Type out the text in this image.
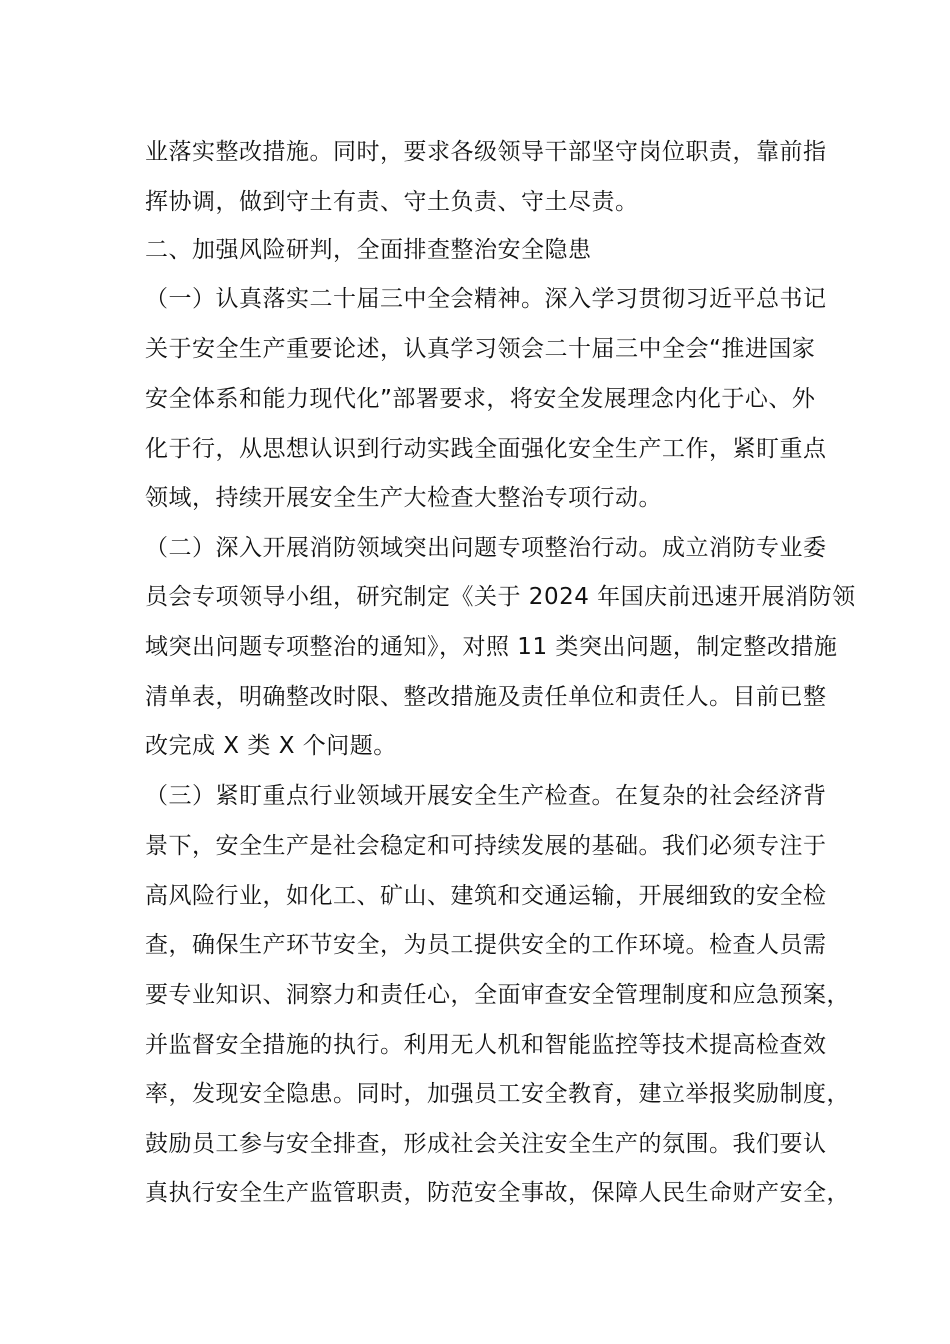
业落实整改措施。同时，要求各级领导干部坚守岗位职责，靠前指
挥协调，做到守土有责、守土负责、守土尽责。
二、加强风险研判，全面排查整治安全隐患
（一）认真落实二十届三中全会精神。深入学习贯彻习近平总书记
关于安全生产重要论述，认真学习领会二十届三中全会“推进国家
安全体系和能力现代化”部署要求，将安全发展理念内化于心、外
化于行，从思想认识到行动实践全面强化安全生产工作，紧盯重点
领域，持续开展安全生产大检查大整治专项行动。
（二）深入开展消防领域突出问题专项整治行动。成立消防专业委
员会专项领导小组，研究制定《关于 2024 年国庆前迅速开展消防领
域突出问题专项整治的通知》，对照 11 类突出问题，制定整改措施
清单表，明确整改时限、整改措施及责任单位和责任人。目前已整
改完成 X 类 X 个问题。
（三）紧盯重点行业领域开展安全生产检查。在复杂的社会经济背
景下，安全生产是社会稳定和可持续发展的基础。我们必须专注于
高风险行业，如化工、矿山、建筑和交通运输，开展细致的安全检
查，确保生产环节安全，为员工提供安全的工作环境。检查人员需
要专业知识、洞察力和责任心，全面审查安全管理制度和应急预案，
并监督安全措施的执行。利用无人机和智能监控等技术提高检查效
率，发现安全隐患。同时，加强员工安全教育，建立举报奖励制度，
鼓励员工参与安全排查，形成社会关注安全生产的氛围。我们要认
真执行安全生产监管职责，防范安全事故，保障人民生命财产安全，
